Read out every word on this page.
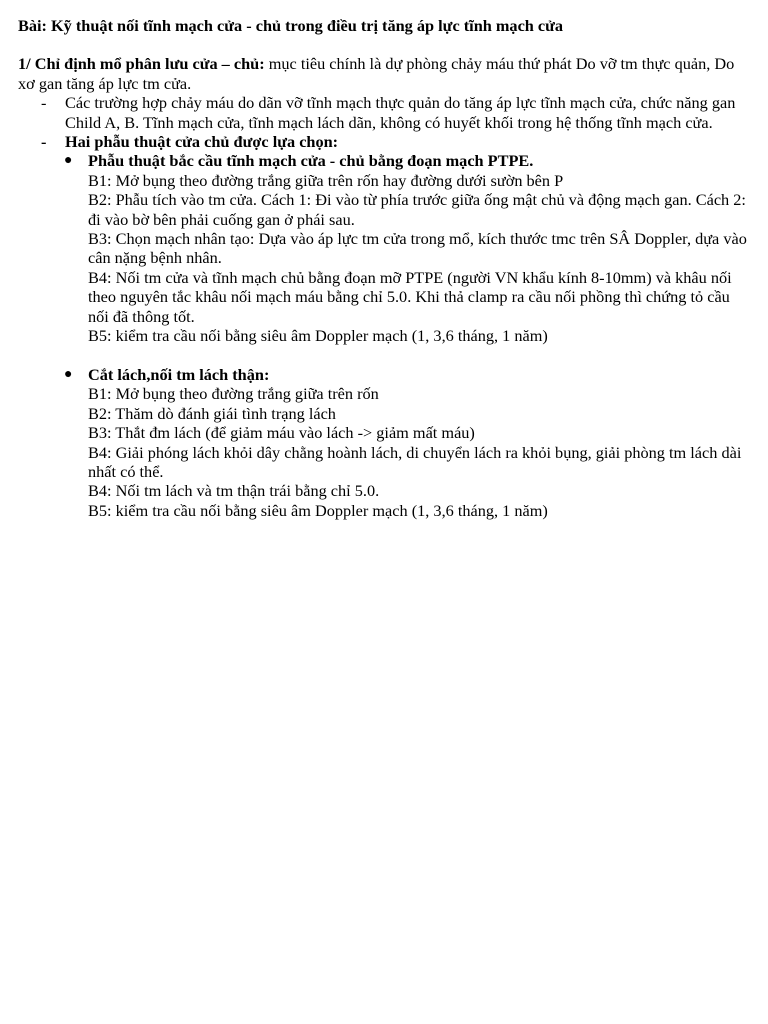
Bài: Kỹ thuật nối tĩnh mạch cửa - chủ trong điều trị tăng áp lực tĩnh mạch cửa

1/ Chỉ định mổ phân lưu cửa – chủ: mục tiêu chính là dự phòng chảy máu thứ phát Do vỡ tm thực quản, Do xơ gan tăng áp lực tm cửa.

- Các trường hợp chảy máu do dãn vỡ tĩnh mạch thực quản do tăng áp lực tĩnh mạch cửa, chức năng gan Child A, B. Tĩnh mạch cửa, tĩnh mạch lách dãn, không có huyết khối trong hệ thống tĩnh mạch cửa.
- Hai phẫu thuật cửa chủ được lựa chọn:
● Phẫu thuật bắc cầu tĩnh mạch cửa - chủ bằng đoạn mạch PTPE.

B1: Mở bụng theo đường trắng giữa trên rốn hay đường dưới sườn bên P

B2: Phẫu tích vào tm cửa. Cách 1: Đi vào từ phía trước giữa ống mật chủ và động mạch gan. Cách 2: đi vào bờ bên phải cuống gan ở phái sau.

B3: Chọn mạch nhân tạo: Dựa vào áp lực tm cửa trong mổ, kích thước tmc trên SÂ Doppler, dựa vào cân nặng bệnh nhân.

B4: Nối tm cửa và tĩnh mạch chủ bằng đoạn mỡ PTPE (người VN khẩu kính 8-10mm) và khâu nối theo nguyên tắc khâu nối mạch máu bằng chỉ 5.0. Khi thả clamp ra cầu nối phồng thì chứng tỏ cầu nối đã thông tốt.

B5: kiểm tra cầu nối bằng siêu âm Doppler mạch (1, 3,6 tháng, 1 năm)

● Cắt lách,nối tm lách thận:

B1: Mở bụng theo đường trắng giữa trên rốn

B2: Thăm dò đánh giái tình trạng lách

B3: Thắt đm lách (để giảm máu vào lách -> giảm mất máu)

B4: Giải phóng lách khỏi dây chằng hoành lách, di chuyển lách ra khỏi bụng, giải phòng tm lách dài nhất có thể.

B4: Nối tm lách và tm thận trái bằng chỉ 5.0.

B5: kiểm tra cầu nối bằng siêu âm Doppler mạch (1, 3,6 tháng, 1 năm)
